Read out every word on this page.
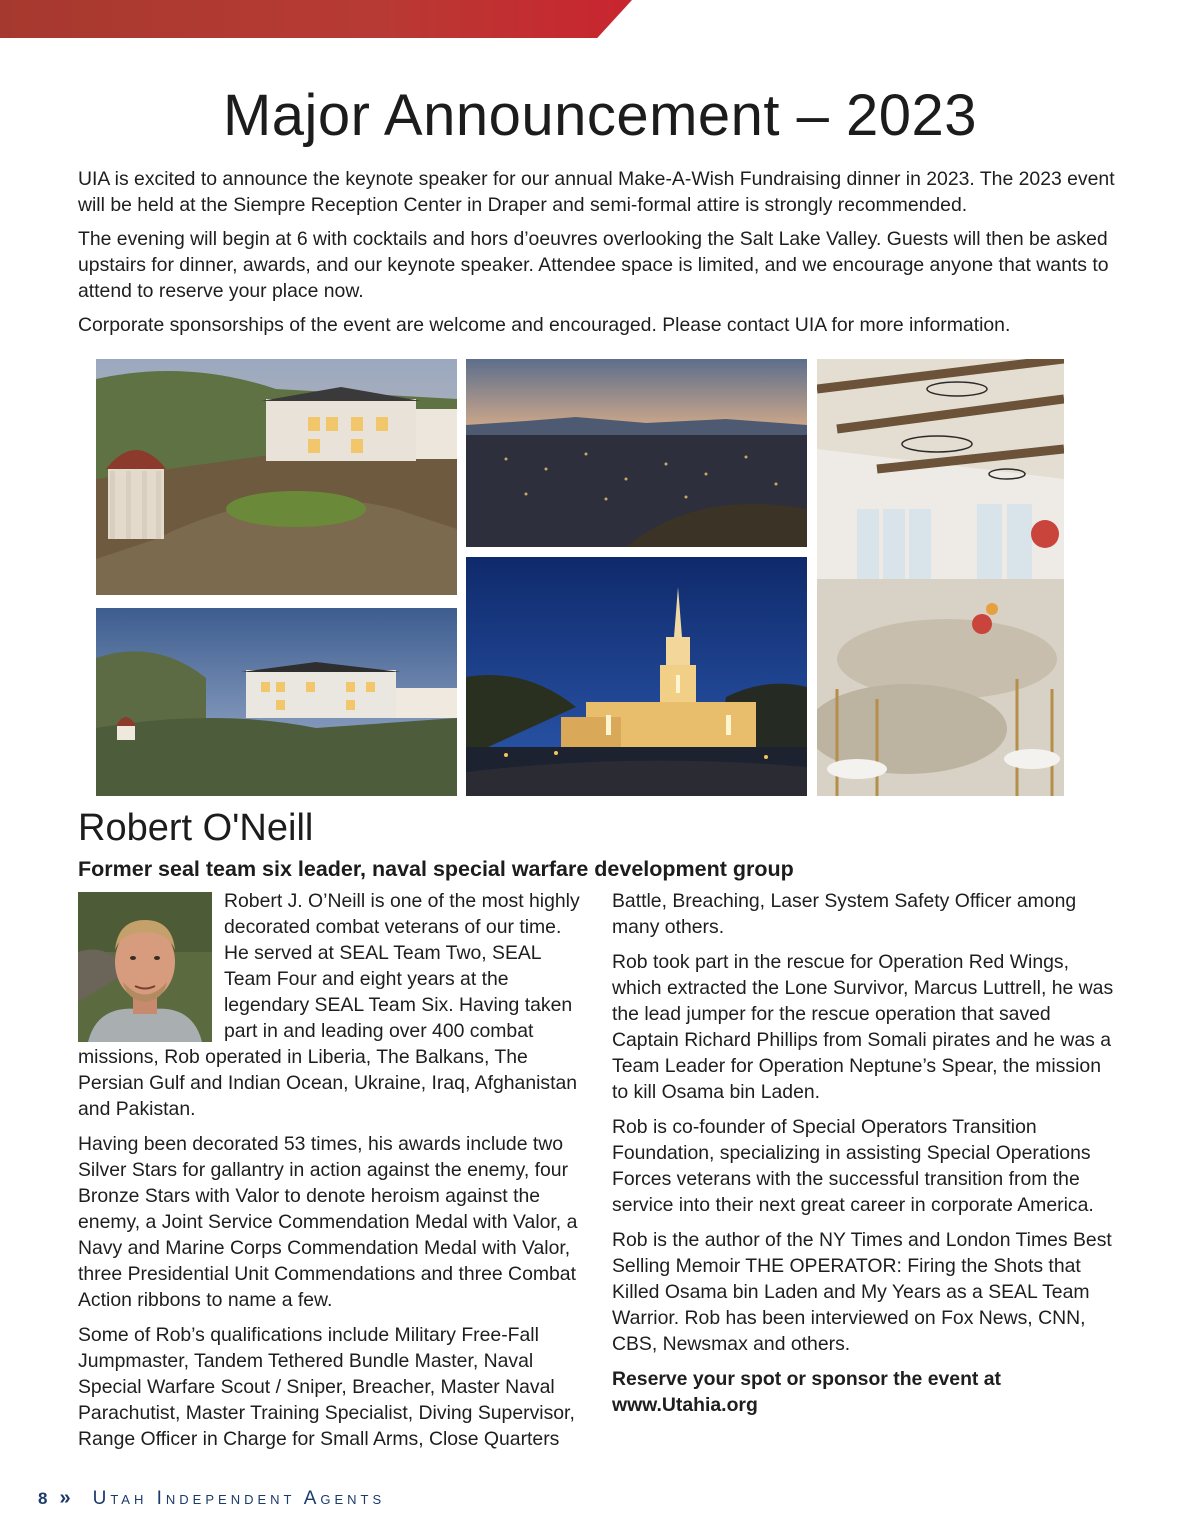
Major Announcement – 2023

UIA is excited to announce the keynote speaker for our annual Make-A-Wish Fundraising dinner in 2023. The 2023 event will be held at the Siempre Reception Center in Draper and semi-formal attire is strongly recommended.

The evening will begin at 6 with cocktails and hors d’oeuvres overlooking the Salt Lake Valley. Guests will then be asked upstairs for dinner, awards, and our keynote speaker. Attendee space is limited, and we encourage anyone that wants to attend to reserve your place now.

Corporate sponsorships of the event are welcome and encouraged. Please contact UIA for more information.

Robert O'Neill
Former seal team six leader, naval special warfare development group

Robert J. O’Neill is one of the most highly decorated combat veterans of our time. He served at SEAL Team Two, SEAL Team Four and eight years at the legendary SEAL Team Six. Having taken part in and leading over 400 combat missions, Rob operated in Liberia, The Balkans, The Persian Gulf and Indian Ocean, Ukraine, Iraq, Afghanistan and Pakistan.

Having been decorated 53 times, his awards include two Silver Stars for gallantry in action against the enemy, four Bronze Stars with Valor to denote heroism against the enemy, a Joint Service Commendation Medal with Valor, a Navy and Marine Corps Commendation Medal with Valor, three Presidential Unit Commendations and three Combat Action ribbons to name a few.

Some of Rob’s qualifications include Military Free-Fall Jumpmaster, Tandem Tethered Bundle Master, Naval Special Warfare Scout / Sniper, Breacher, Master Naval Parachutist, Master Training Specialist, Diving Supervisor, Range Officer in Charge for Small Arms, Close Quarters

Battle, Breaching, Laser System Safety Officer among many others.

Rob took part in the rescue for Operation Red Wings, which extracted the Lone Survivor, Marcus Luttrell, he was the lead jumper for the rescue operation that saved Captain Richard Phillips from Somali pirates and he was a Team Leader for Operation Neptune’s Spear, the mission to kill Osama bin Laden.

Rob is co-founder of Special Operators Transition Foundation, specializing in assisting Special Operations Forces veterans with the successful transition from the service into their next great career in corporate America.

Rob is the author of the NY Times and London Times Best Selling Memoir THE OPERATOR: Firing the Shots that Killed Osama bin Laden and My Years as a SEAL Team Warrior. Rob has been interviewed on Fox News, CNN, CBS, Newsmax and others.

Reserve your spot or sponsor the event at www.Utahia.org

8 » Utah Independent Agents
